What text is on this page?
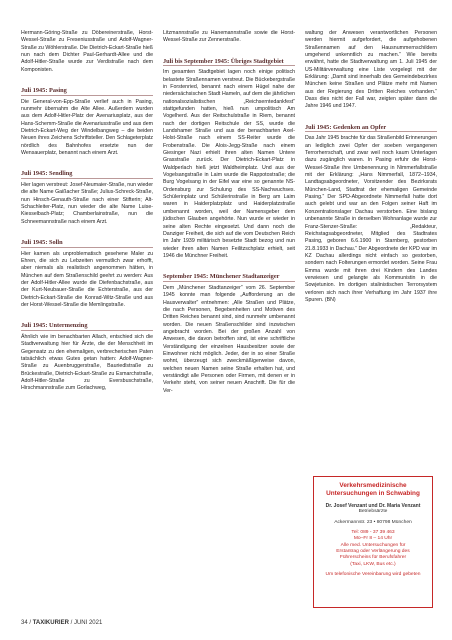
Hermann-Göring-Straße zu Döbereinerstraße, Horst-Wessel-Straße zu Freseniusstraße und Adolf-Wagner-Straße zu Wöhlerstraße. Die Dietrich-Eckart-Straße hieß nun nach dem Dichter Paul-Gerhardt-Allee und die Adolf-Hitler-Straße wurde zur Verdistraße nach dem Komponisten.

Juli 1945: Pasing

Die General-von-Epp-Straße verlief auch in Pasing, nunmehr übernahm die Alte Allee. Außerdem wurden aus dem Adolf-Hitler-Platz der Avenariusplatz, aus der Hans-Schemm-Straße die Avenariusstraße und aus dem Dietrich-Eckart-Weg der Windelbangweg – die beiden Neuen ihres Zeichens Schriftsteller. Den Schlageterplatz nördlich des Bahnhofes ersetzte nun der Wensauerplatz, benannt nach einem Arzt.

Juli 1945: Sendling

Hier lagen verstreut: Josef-Neumaier-Straße, nun wieder die alte Name Gaißacher Straße; Julius-Schreck-Straße, nun Hinsch-Genauth-Straße nach einer Stifterin; Alt-Schachleiter-Platz, nun wieder die alte Name Luise-Kiesselbach-Platz; Chamberlainstraße, nun die Schneemannstraße nach einem Arzt.

Juli 1945: Solln

Hier kamen als unproblematisch gesehene Maler zu Ehren, die sich zu Lebzeiten vermutlich zwar erhofft, aber niemals als realistisch angenommen hätten, in München auf dem Straßenschild geehrt zu werden: Aus der Adolf-Hitler-Allee wurde die Diefenbachstraße, aus der Kurt-Neubauer-Straße die Echterstraße, aus der Dietrich-Eckart-Straße die Konrad-Witz-Straße und aus der Horst-Wessel-Straße die Memlingstraße.

Juli 1945: Untermenzing

Ähnlich wie im benachbarten Allach, entschied sich die Stadtverwaltung hier für Ärzte, die der Menschheit im Gegensatz zu den ehemaligen, verbrecherischen Paten tatsächlich etwas Gutes getan hatten: Adolf-Wagner-Straße zu Auenbruggerstraße, Bauriedlstraße zu Brückestraße, Dietrich-Eckart-Straße zu Esmarchstraße, Adolf-Hitler-Straße zu Eversbuschstraße, Hirschmannstraße zum Gorlachweg,

Litzmannstraße zu Hanemannstraße sowie die Horst-Wessel-Straße zur Zennerstraße.

Juli bis September 1945: Übriges Stadtgebiet

Im gesamten Stadtgebiet lagen noch einige politisch belastete Straßennamen verstreut. Die Bückebergstraße in Forstenried, benannt nach einem Hügel nahe der niedersächsischen Stadt Hameln, auf dem die jährlichen nationalsozialistischen „Reichserntedankfest“ stattgefunden hatten, hieß nun umpolitisch Am Vogelherd. Aus der Reitschulstraße in Riem, benannt nach der dortigen Reitschule der SS, wurde die Landshamer Straße und aus der benachbarten Axel-Holst-Straße nach einem SS-Reiter wurde die Frobenstraße. Die Alois-Jegg-Straße nach einem Giesinger Nazi erhielt ihren alten Namen Untere Grasstraße zurück. Der Dietrich-Eckart-Platz in Waldperlach hieß jetzt Waldheimplatz. Und aus der Vogelsangstraße in Laim wurde die Rappotostraße; die Burg Vogelsang in der Eifel war eine so genannte NS-Ordensburg zur Schulung des SS-Nachwuchses. Schülerinplatz und Schülerinstraße in Berg am Laim waren in Haiderplatzplatz und Haiderplatzstraße umbenannt worden, weil der Namensgeber dem jüdischen Glauben angehörte. Nun wurde er wieder in seine alten Rechte eingesetzt. Und dann noch die Danziger Freiheit, die sich auf die vom Deutschen Reich im Jahr 1939 militärisch besetzte Stadt bezog und nun wieder ihren alten Namen Feilitzschplatz erhielt, seit 1946 die Münchner Freiheit.

September 1945: Münchener Stadtanzeiger

Dem „Münchener Stadtanzeiger“ vom 26. September 1945 konnte man folgende „Aufforderung an die Hausverwalter“ entnehmen: „Alle Straßen und Plätze, die nach Personen, Begebenheiten und Motiven des Dritten Reiches benannt sind, sind nunmehr umbenannt worden. Die neuen Straßenschilder sind inzwischen angebracht worden. Bei der großen Anzahl von Anwesen, die davon betroffen sind, ist eine schriftliche Verständigung der einzelnen Hausbesitzer sowie der Einwohner nicht möglich. Jeder, der in so einer Straße wohnt, überzeugt sich zweckmäßigerweise davon, welchen neuen Namen seine Straße erhalten hat, und verständigt alle Personen oder Firmen, mit denen er in Verkehr steht, von seiner neuen Anschrift. Die für die Ver-

waltung der Anwesen verantwortlichen Personen werden hiermit aufgefordert, die aufgehobenen Straßennamen auf den Hausnummernschildern umgehend unkenntlich zu machen.“ Wie bereits erwähnt, hatte die Stadtverwaltung am 1. Juli 1945 der US-Militärverwaltung eine Liste vorgelegt mit der Erklärung: „Damit sind innerhalb des Gemeindebezirkes München keine Straßen und Plätze mehr mit Namen aus der Regierung des Dritten Reiches vorhanden.“ Dass dies nicht der Fall war, zeigten später dann die Jahre 1946 und 1947.

Juli 1945: Gedenken an Opfer

Das Jahr 1945 brachte für das Straßenbild Erinnerungen an lediglich zwei Opfer der soeben vergangenen Terrorherrschaft, und zwar weil noch kaum Unterlagen dazu zugänglich waren. In Pasing erfuhr die Horst-Wessel-Straße ihre Umbenennung in Nimmerfallstraße mit der Erklärung: „Hans Nimmerfall, 1872–1934, Landtagsabgeordneter, Vorsitzender des Bezirksrats München-Land, Stadtrat der ehemaligen Gemeinde Pasing.“ Der SPD-Abgeordnete Nimmerfall hatte dort auch gelebt und war an den Folgen seiner Haft im Konzentrationslager Dachau verstorben. Eine bislang unbenannte Straße in derselben Wohnanlage wurde zur Franz-Stenzer-Straße: „Redakteur, Reichstagsabgeordneter, Mitglied des Stadtrates Pasing, geboren 6.6.1900 in Starnberg, gestorben 21.8.1933 in Dachau.“ Der Abgeordnete der KPD war im KZ Dachau allerdings nicht einfach so gestorben, sondern nach Folterungen ermordet worden. Seine Frau Emma wurde mit ihren drei Kindern des Landes verwiesen und gelangte als Kommunistin in die Sowjetunion. Im dortigen stalinistischen Terrorsystem verloren sich nach ihrer Verhaftung im Jahr 1937 ihre Spuren. (BN)

Verkehrsmedizinische Untersuchungen in Schwabing
Dr. Josef Venzant und Dr. Maria Venzant
Betriebsärzte
Ackermannstr. 23 • 80798 München
Tel: 089 - 37 39 463
Mo–Fr 8 – 14 Uhr
Alle med. Untersuchungen für
Erstantrag oder Verlängerung des
Führerscheins für Berufsfahrer
(Taxi, LKW, Bus etc.)
Um telefonische Vereinbarung wird gebeten
34 / TAXIKURIER / JUNI 2021
